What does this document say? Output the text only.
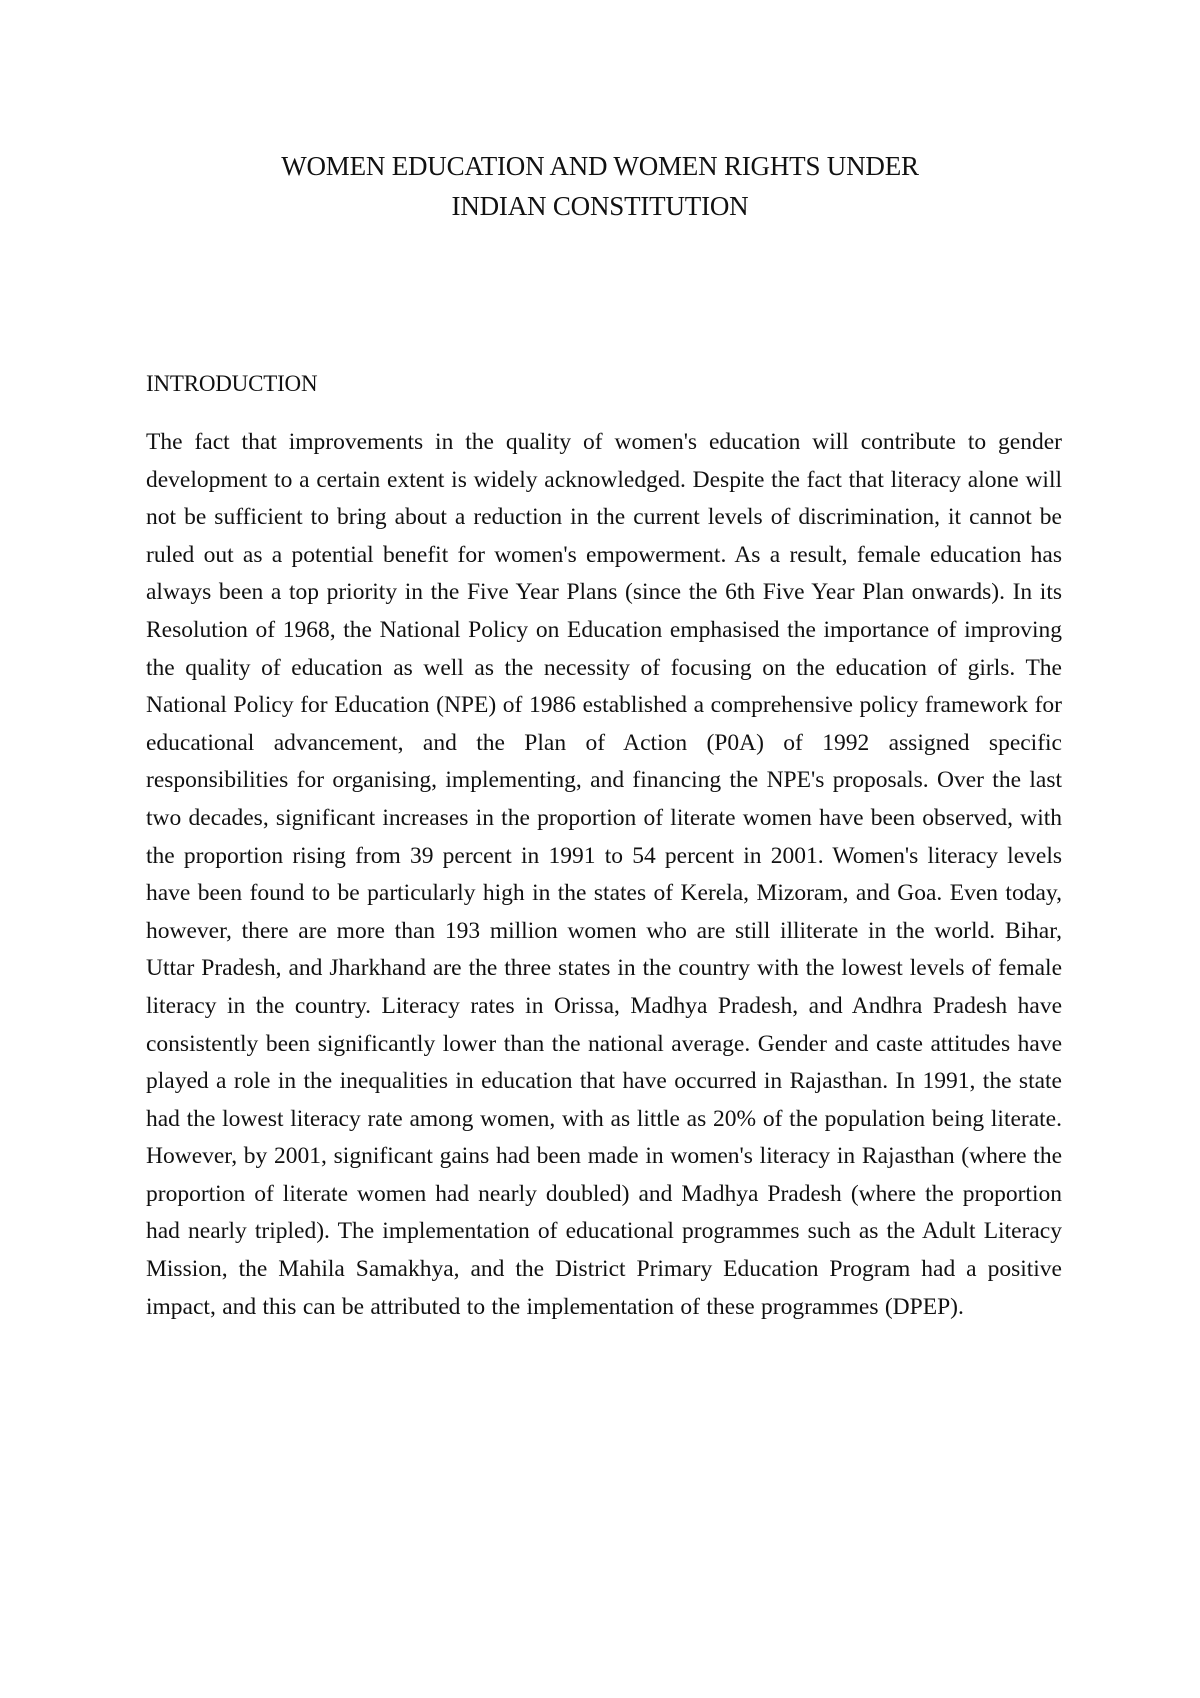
WOMEN EDUCATION AND WOMEN RIGHTS UNDER
INDIAN CONSTITUTION
INTRODUCTION

The fact that improvements in the quality of women's education will contribute to gender development to a certain extent is widely acknowledged. Despite the fact that literacy alone will not be sufficient to bring about a reduction in the current levels of discrimination, it cannot be ruled out as a potential benefit for women's empowerment. As a result, female education has always been a top priority in the Five Year Plans (since the 6th Five Year Plan onwards). In its Resolution of 1968, the National Policy on Education emphasised the importance of improving the quality of education as well as the necessity of focusing on the education of girls. The National Policy for Education (NPE) of 1986 established a comprehensive policy framework for educational advancement, and the Plan of Action (P0A) of 1992 assigned specific responsibilities for organising, implementing, and financing the NPE's proposals. Over the last two decades, significant increases in the proportion of literate women have been observed, with the proportion rising from 39 percent in 1991 to 54 percent in 2001. Women's literacy levels have been found to be particularly high in the states of Kerela, Mizoram, and Goa. Even today, however, there are more than 193 million women who are still illiterate in the world. Bihar, Uttar Pradesh, and Jharkhand are the three states in the country with the lowest levels of female literacy in the country. Literacy rates in Orissa, Madhya Pradesh, and Andhra Pradesh have consistently been significantly lower than the national average. Gender and caste attitudes have played a role in the inequalities in education that have occurred in Rajasthan. In 1991, the state had the lowest literacy rate among women, with as little as 20% of the population being literate. However, by 2001, significant gains had been made in women's literacy in Rajasthan (where the proportion of literate women had nearly doubled) and Madhya Pradesh (where the proportion had nearly tripled). The implementation of educational programmes such as the Adult Literacy Mission, the Mahila Samakhya, and the District Primary Education Program had a positive impact, and this can be attributed to the implementation of these programmes (DPEP).
